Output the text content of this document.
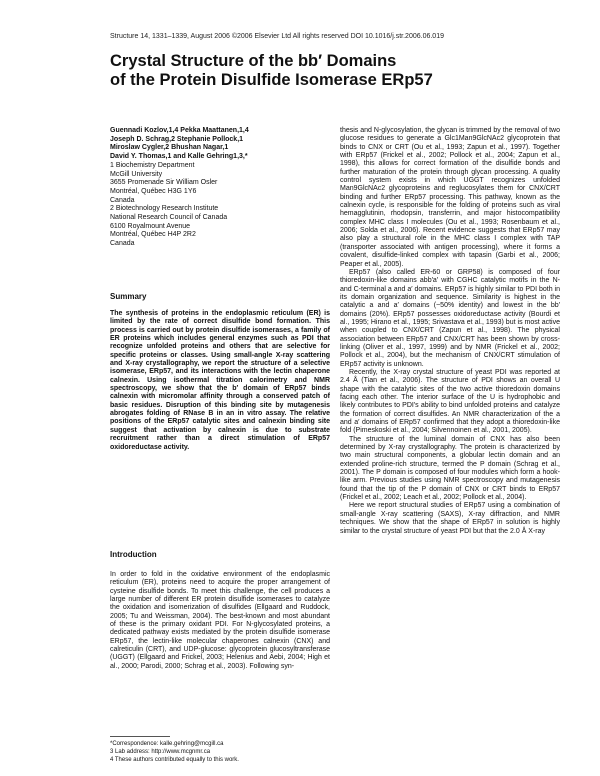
Structure 14, 1331–1339, August 2006 ©2006 Elsevier Ltd All rights reserved DOI 10.1016/j.str.2006.06.019
Crystal Structure of the bb′ Domains
of the Protein Disulfide Isomerase ERp57
Guennadi Kozlov,1,4 Pekka Maattanen,1,4
Joseph D. Schrag,2 Stephanie Pollock,1
Miroslaw Cygler,2 Bhushan Nagar,1
David Y. Thomas,1 and Kalle Gehring1,3,*
1 Biochemistry Department
McGill University
3655 Promenade Sir William Osler
Montréal, Québec H3G 1Y6
Canada
2 Biotechnology Research Institute
National Research Council of Canada
6100 Royalmount Avenue
Montréal, Québec H4P 2R2
Canada
Summary
The synthesis of proteins in the endoplasmic reticulum (ER) is limited by the rate of correct disulfide bond formation. This process is carried out by protein disulfide isomerases, a family of ER proteins which includes general enzymes such as PDI that recognize unfolded proteins and others that are selective for specific proteins or classes. Using small-angle X-ray scattering and X-ray crystallography, we report the structure of a selective isomerase, ERp57, and its interactions with the lectin chaperone calnexin. Using isothermal titration calorimetry and NMR spectroscopy, we show that the b′ domain of ERp57 binds calnexin with micromolar affinity through a conserved patch of basic residues. Disruption of this binding site by mutagenesis abrogates folding of RNase B in an in vitro assay. The relative positions of the ERp57 catalytic sites and calnexin binding site suggest that activation by calnexin is due to substrate recruitment rather than a direct stimulation of ERp57 oxidoreductase activity.
Introduction
In order to fold in the oxidative environment of the endoplasmic reticulum (ER), proteins need to acquire the proper arrangement of cysteine disulfide bonds. To meet this challenge, the cell produces a large number of different ER protein disulfide isomerases to catalyze the oxidation and isomerization of disulfides (Ellgaard and Ruddock, 2005; Tu and Weissman, 2004). The best-known and most abundant of these is the primary oxidant PDI. For N-glycosylated proteins, a dedicated pathway exists mediated by the protein disulfide isomerase ERp57, the lectin-like molecular chaperones calnexin (CNX) and calreticulin (CRT), and UDP-glucose: glycoprotein glucosyltransferase (UGGT) (Ellgaard and Frickel, 2003; Helenius and Aebi, 2004; High et al., 2000; Parodi, 2000; Schrag et al., 2003). Following syn-

thesis and N-glycosylation, the glycan is trimmed by the removal of two glucose residues to generate a Glc1Man9GlcNAc2 glycoprotein that binds to CNX or CRT (Ou et al., 1993; Zapun et al., 1997). Together with ERp57 (Frickel et al., 2002; Pollock et al., 2004; Zapun et al., 1998), this allows for correct formation of the disulfide bonds and further maturation of the protein through glycan processing. A quality control system exists in which UGGT recognizes unfolded Man9GlcNAc2 glycoproteins and reglucosylates them for CNX/CRT binding and further ERp57 processing. This pathway, known as the calnexin cycle, is responsible for the folding of proteins such as viral hemagglutinin, rhodopsin, transferrin, and major histocompatibility complex MHC class I molecules (Ou et al., 1993; Rosenbaum et al., 2006; Solda et al., 2006). Recent evidence suggests that ERp57 may also play a structural role in the MHC class I complex with TAP (transporter associated with antigen processing), where it forms a covalent, disulfide-linked complex with tapasin (Garbi et al., 2006; Peaper et al., 2005).

ERp57 (also called ER-60 or GRP58) is composed of four thioredoxin-like domains abb′a′ with CGHC catalytic motifs in the N- and C-terminal a and a′ domains. ERp57 is highly similar to PDI both in its domain organization and sequence. Similarity is highest in the catalytic a and a′ domains (~50% identity) and lowest in the bb′ domains (20%). ERp57 possesses oxidoreductase activity (Bourdi et al., 1995; Hirano et al., 1995; Srivastava et al., 1993) but is most active when coupled to CNX/CRT (Zapun et al., 1998). The physical association between ERp57 and CNX/CRT has been shown by cross-linking (Oliver et al., 1997, 1999) and by NMR (Frickel et al., 2002; Pollock et al., 2004), but the mechanism of CNX/CRT stimulation of ERp57 activity is unknown.

Recently, the X-ray crystal structure of yeast PDI was reported at 2.4 Å (Tian et al., 2006). The structure of PDI shows an overall U shape with the catalytic sites of the two active thioredoxin domains facing each other. The interior surface of the U is hydrophobic and likely contributes to PDI's ability to bind unfolded proteins and catalyze the formation of correct disulfides. An NMR characterization of the a and a′ domains of ERp57 confirmed that they adopt a thioredoxin-like fold (Pimeskoski et al., 2004; Silvennoinen et al., 2001, 2005).

The structure of the luminal domain of CNX has also been determined by X-ray crystallography. The protein is characterized by two main structural components, a globular lectin domain and an extended proline-rich structure, termed the P domain (Schrag et al., 2001). The P domain is composed of four modules which form a hook-like arm. Previous studies using NMR spectroscopy and mutagenesis found that the tip of the P domain of CNX or CRT binds to ERp57 (Frickel et al., 2002; Leach et al., 2002; Pollock et al., 2004).

Here we report structural studies of ERp57 using a combination of small-angle X-ray scattering (SAXS), X-ray diffraction, and NMR techniques. We show that the shape of ERp57 in solution is highly similar to the crystal structure of yeast PDI but that the 2.0 Å X-ray

*Correspondence: kalle.gehring@mcgill.ca
3 Lab address: http://www.mcgnmr.ca
4 These authors contributed equally to this work.
